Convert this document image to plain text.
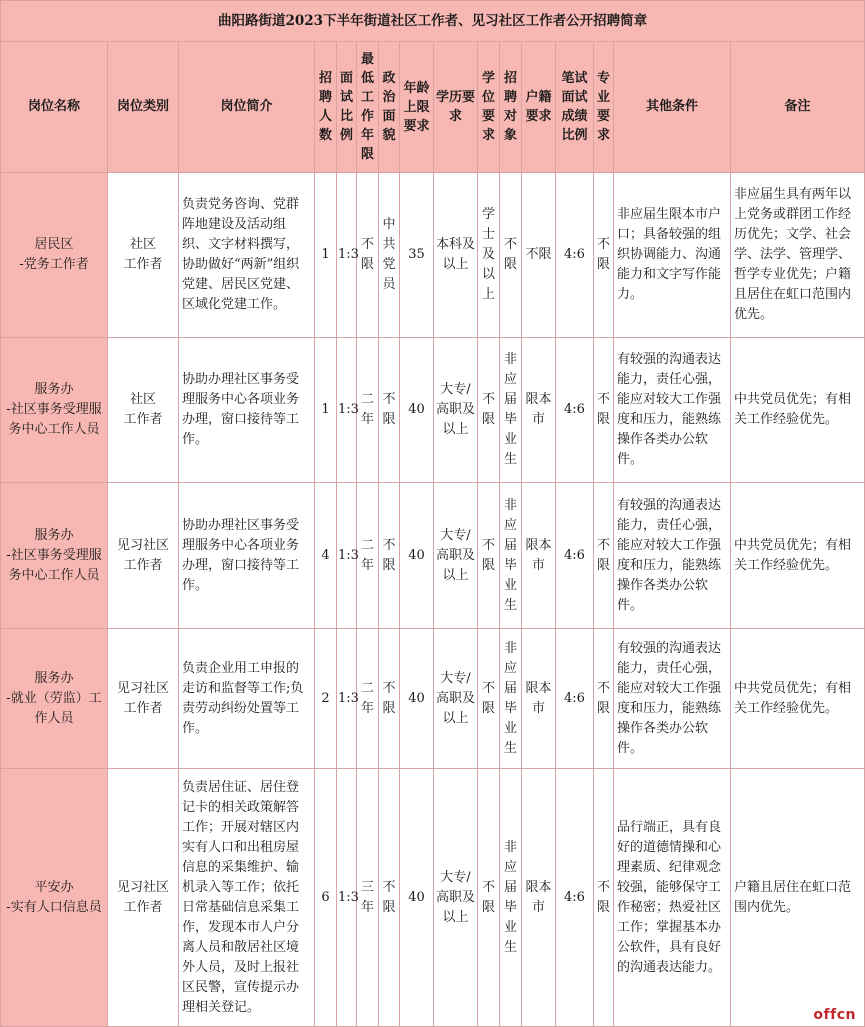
曲阳路街道2023下半年街道社区工作者、见习社区工作者公开招聘简章															
岗位名称	岗位类别	岗位简介	招聘人数	面试比例	最低工作年限	政治面貌	年龄上限要求	学历要求	学位要求	招聘对象	户籍要求	笔试面试成绩比例	专业要求	其他条件	备注
居民区
-党务工作者	社区
工作者	负责党务咨询、党群阵地建设及活动组织、文字材料撰写，协助做好“两新”组织党建、居民区党建、区域化党建工作。	1	1:3	不限	中共党员	35	本科及以上	学士及以上	不限	不限	4:6	不限	非应届生限本市户口；具备较强的组织协调能力、沟通能力和文字写作能力。	非应届生具有两年以上党务或群团工作经历优先；文学、社会学、法学、管理学、哲学专业优先；户籍且居住在虹口范围内优先。
服务办
-社区事务受理服务中心工作人员	社区
工作者	协助办理社区事务受理服务中心各项业务办理，窗口接待等工作。	1	1:3	二年	不限	40	大专/高职及以上	不限	非应届毕业生	限本市	4:6	不限	有较强的沟通表达能力，责任心强，能应对较大工作强度和压力，能熟练操作各类办公软件。	中共党员优先；有相关工作经验优先。
服务办
-社区事务受理服务中心工作人员	见习社区
工作者	协助办理社区事务受理服务中心各项业务办理，窗口接待等工作。	4	1:3	二年	不限	40	大专/高职及以上	不限	非应届毕业生	限本市	4:6	不限	有较强的沟通表达能力，责任心强，能应对较大工作强度和压力，能熟练操作各类办公软件。	中共党员优先；有相关工作经验优先。
服务办
-就业（劳监）工作人员	见习社区
工作者	负责企业用工申报的走访和监督等工作;负责劳动纠纷处置等工作。	2	1:3	二年	不限	40	大专/高职及以上	不限	非应届毕业生	限本市	4:6	不限	有较强的沟通表达能力，责任心强，能应对较大工作强度和压力，能熟练操作各类办公软件。	中共党员优先；有相关工作经验优先。
平安办
-实有人口信息员	见习社区
工作者	负责居住证、居住登记卡的相关政策解答工作；开展对辖区内实有人口和出租房屋信息的采集维护、输机录入等工作；依托日常基础信息采集工作，发现本市人户分离人员和散居社区境外人员，及时上报社区民警，宣传提示办理相关登记。	6	1:3	三年	不限	40	大专/高职及以上	不限	非应届毕业生	限本市	4:6	不限	品行端正，具有良好的道德情操和心理素质、纪律观念较强，能够保守工作秘密；热爱社区工作；掌握基本办公软件，具有良好的沟通表达能力。	户籍且居住在虹口范围内优先。
offcn
